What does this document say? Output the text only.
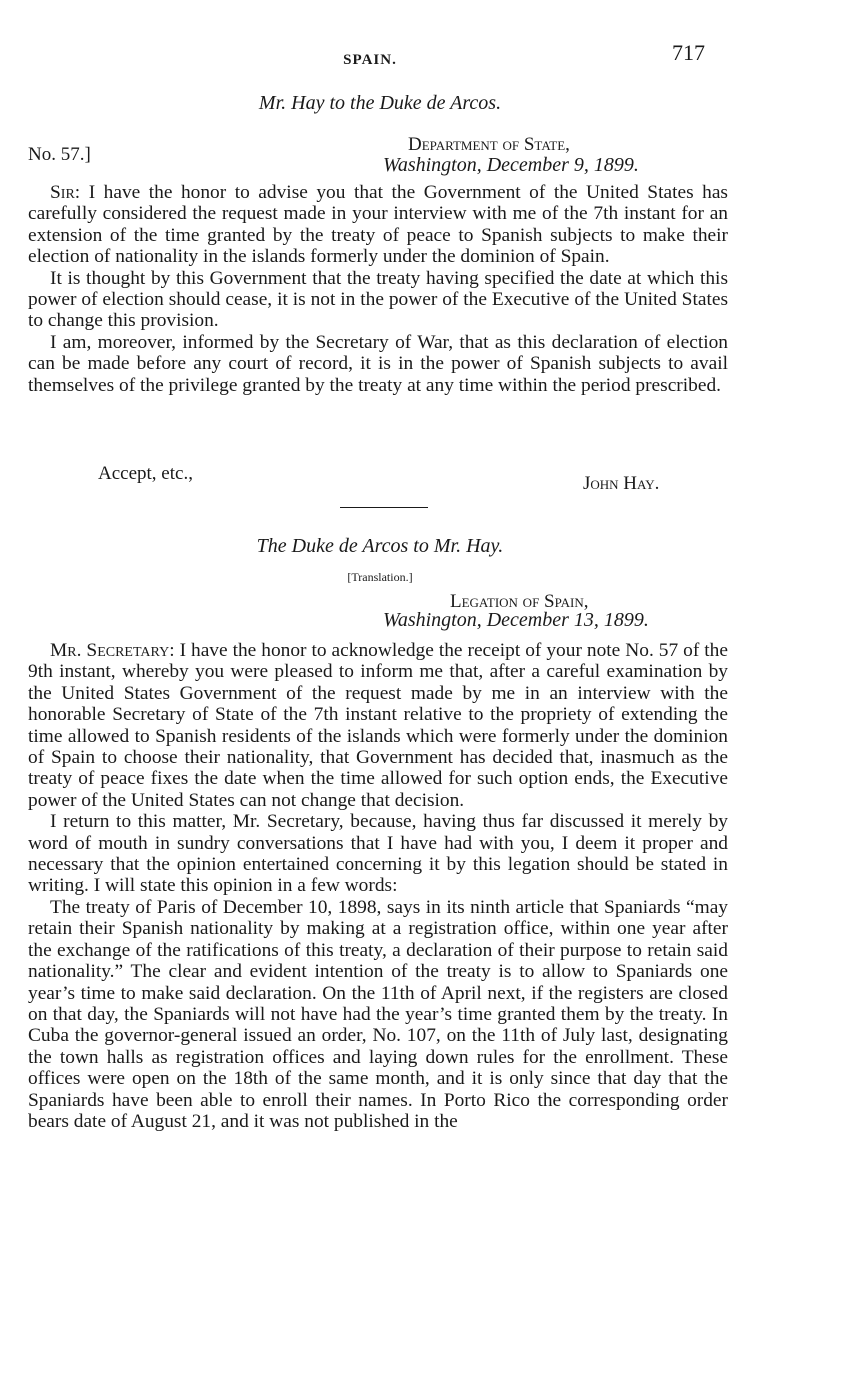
SPAIN.	717
Mr. Hay to the Duke de Arcos.
No. 57.]	Department of State,
Washington, December 9, 1899.

Sir: I have the honor to advise you that the Government of the United States has carefully considered the request made in your interview with me of the 7th instant for an extension of the time granted by the treaty of peace to Spanish subjects to make their election of nationality in the islands formerly under the dominion of Spain.

It is thought by this Government that the treaty having specified the date at which this power of election should cease, it is not in the power of the Executive of the United States to change this provision.

I am, moreover, informed by the Secretary of War, that as this declaration of election can be made before any court of record, it is in the power of Spanish subjects to avail themselves of the privilege granted by the treaty at any time within the period prescribed.

Accept, etc.,	John Hay.
The Duke de Arcos to Mr. Hay.
[Translation.]
Legation of Spain,
Washington, December 13, 1899.

Mr. Secretary: I have the honor to acknowledge the receipt of your note No. 57 of the 9th instant, whereby you were pleased to inform me that, after a careful examination by the United States Government of the request made by me in an interview with the honorable Secretary of State of the 7th instant relative to the propriety of extending the time allowed to Spanish residents of the islands which were formerly under the dominion of Spain to choose their nationality, that Government has decided that, inasmuch as the treaty of peace fixes the date when the time allowed for such option ends, the Executive power of the United States can not change that decision.

I return to this matter, Mr. Secretary, because, having thus far discussed it merely by word of mouth in sundry conversations that I have had with you, I deem it proper and necessary that the opinion entertained concerning it by this legation should be stated in writing. I will state this opinion in a few words:

The treaty of Paris of December 10, 1898, says in its ninth article that Spaniards “may retain their Spanish nationality by making at a registration office, within one year after the exchange of the ratifications of this treaty, a declaration of their purpose to retain said nationality.” The clear and evident intention of the treaty is to allow to Spaniards one year’s time to make said declaration. On the 11th of April next, if the registers are closed on that day, the Spaniards will not have had the year’s time granted them by the treaty. In Cuba the governor-general issued an order, No. 107, on the 11th of July last, designating the town halls as registration offices and laying down rules for the enrollment. These offices were open on the 18th of the same month, and it is only since that day that the Spaniards have been able to enroll their names. In Porto Rico the corresponding order bears date of August 21, and it was not published in the
